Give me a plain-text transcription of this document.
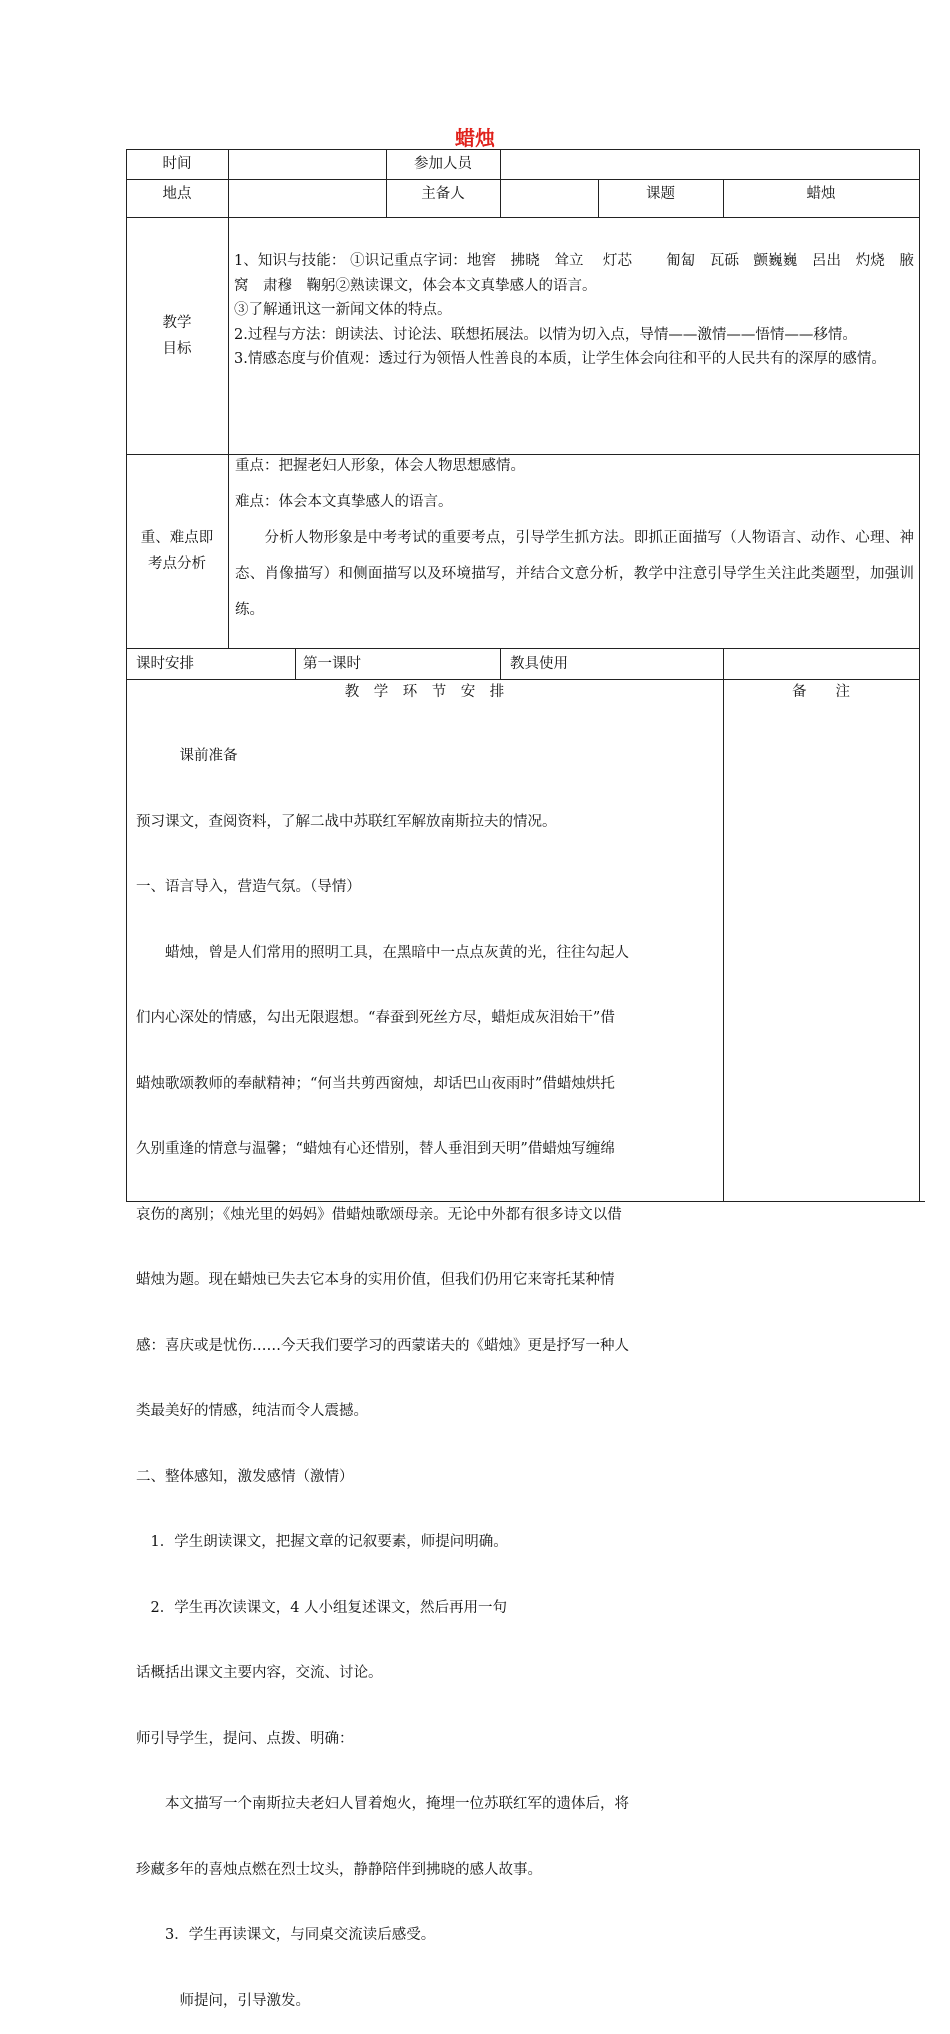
蜡烛
时间	参加人员
地点	主备人	课题	蜡烛
教学
目标

1、知识与技能： ①识记重点字词：地窖　拂晓　耸立　 灯芯　　 匍匐　瓦砾　颤巍巍　呂出　灼烧　腋窝　肃穆　鞠躬②熟读课文，体会本文真挚感人的语言。

③了解通讯这一新闻文体的特点。

2.过程与方法：朗读法、讨论法、联想拓展法。以情为切入点，导情——激情——悟情——移情。

3.情感态度与价值观：透过行为领悟人性善良的本质，让学生体会向往和平的人民共有的深厚的感情。

重、难点即
考点分析

重点：把握老妇人形象，体会人物思想感情。

难点：体会本文真挚感人的语言。

　　分析人物形象是中考考试的重要考点，引导学生抓方法。即抓正面描写（人物语言、动作、心理、神态、肖像描写）和侧面描写以及环境描写，并结合文意分析，教学中注意引导学生关注此类题型，加强训练。

课时安排	第一课时	教具使用
教　学　环　节　安　排	备　　注

　　　课前准备

预习课文，查阅资料，了解二战中苏联红军解放南斯拉夫的情况。

一、语言导入，营造气氛。（导情）

　　蜡烛，曾是人们常用的照明工具，在黑暗中一点点灰黄的光，往往勾起人

们内心深处的情感，勾出无限遐想。“春蚕到死丝方尽，蜡炬成灰泪始干”借

蜡烛歌颂教师的奉献精神；“何当共剪西窗烛，却话巴山夜雨时”借蜡烛烘托

久别重逢的情意与温馨；“蜡烛有心还惜别，替人垂泪到天明”借蜡烛写缠绵

哀伤的离别；《烛光里的妈妈》借蜡烛歌颂母亲。无论中外都有很多诗文以借

蜡烛为题。现在蜡烛已失去它本身的实用价值，但我们仍用它来寄托某种情

感：喜庆或是忧伤……今天我们要学习的西蒙诺夫的《蜡烛》更是抒写一种人

类最美好的情感，纯洁而令人震撼。

二、整体感知，激发感情（激情）

　1．学生朗读课文，把握文章的记叙要素，师提问明确。

　2．学生再次读课文，4 人小组复述课文，然后再用一句

话概括出课文主要内容，交流、讨论。

师引导学生，提问、点拨、明确：

　　本文描写一个南斯拉夫老妇人冒着炮火，掩埋一位苏联红军的遗体后，将

珍藏多年的喜烛点燃在烈士坟头，静静陪伴到拂晓的感人故事。

　　3．学生再读课文，与同桌交流读后感受。

　　　师提问，引导激发。
